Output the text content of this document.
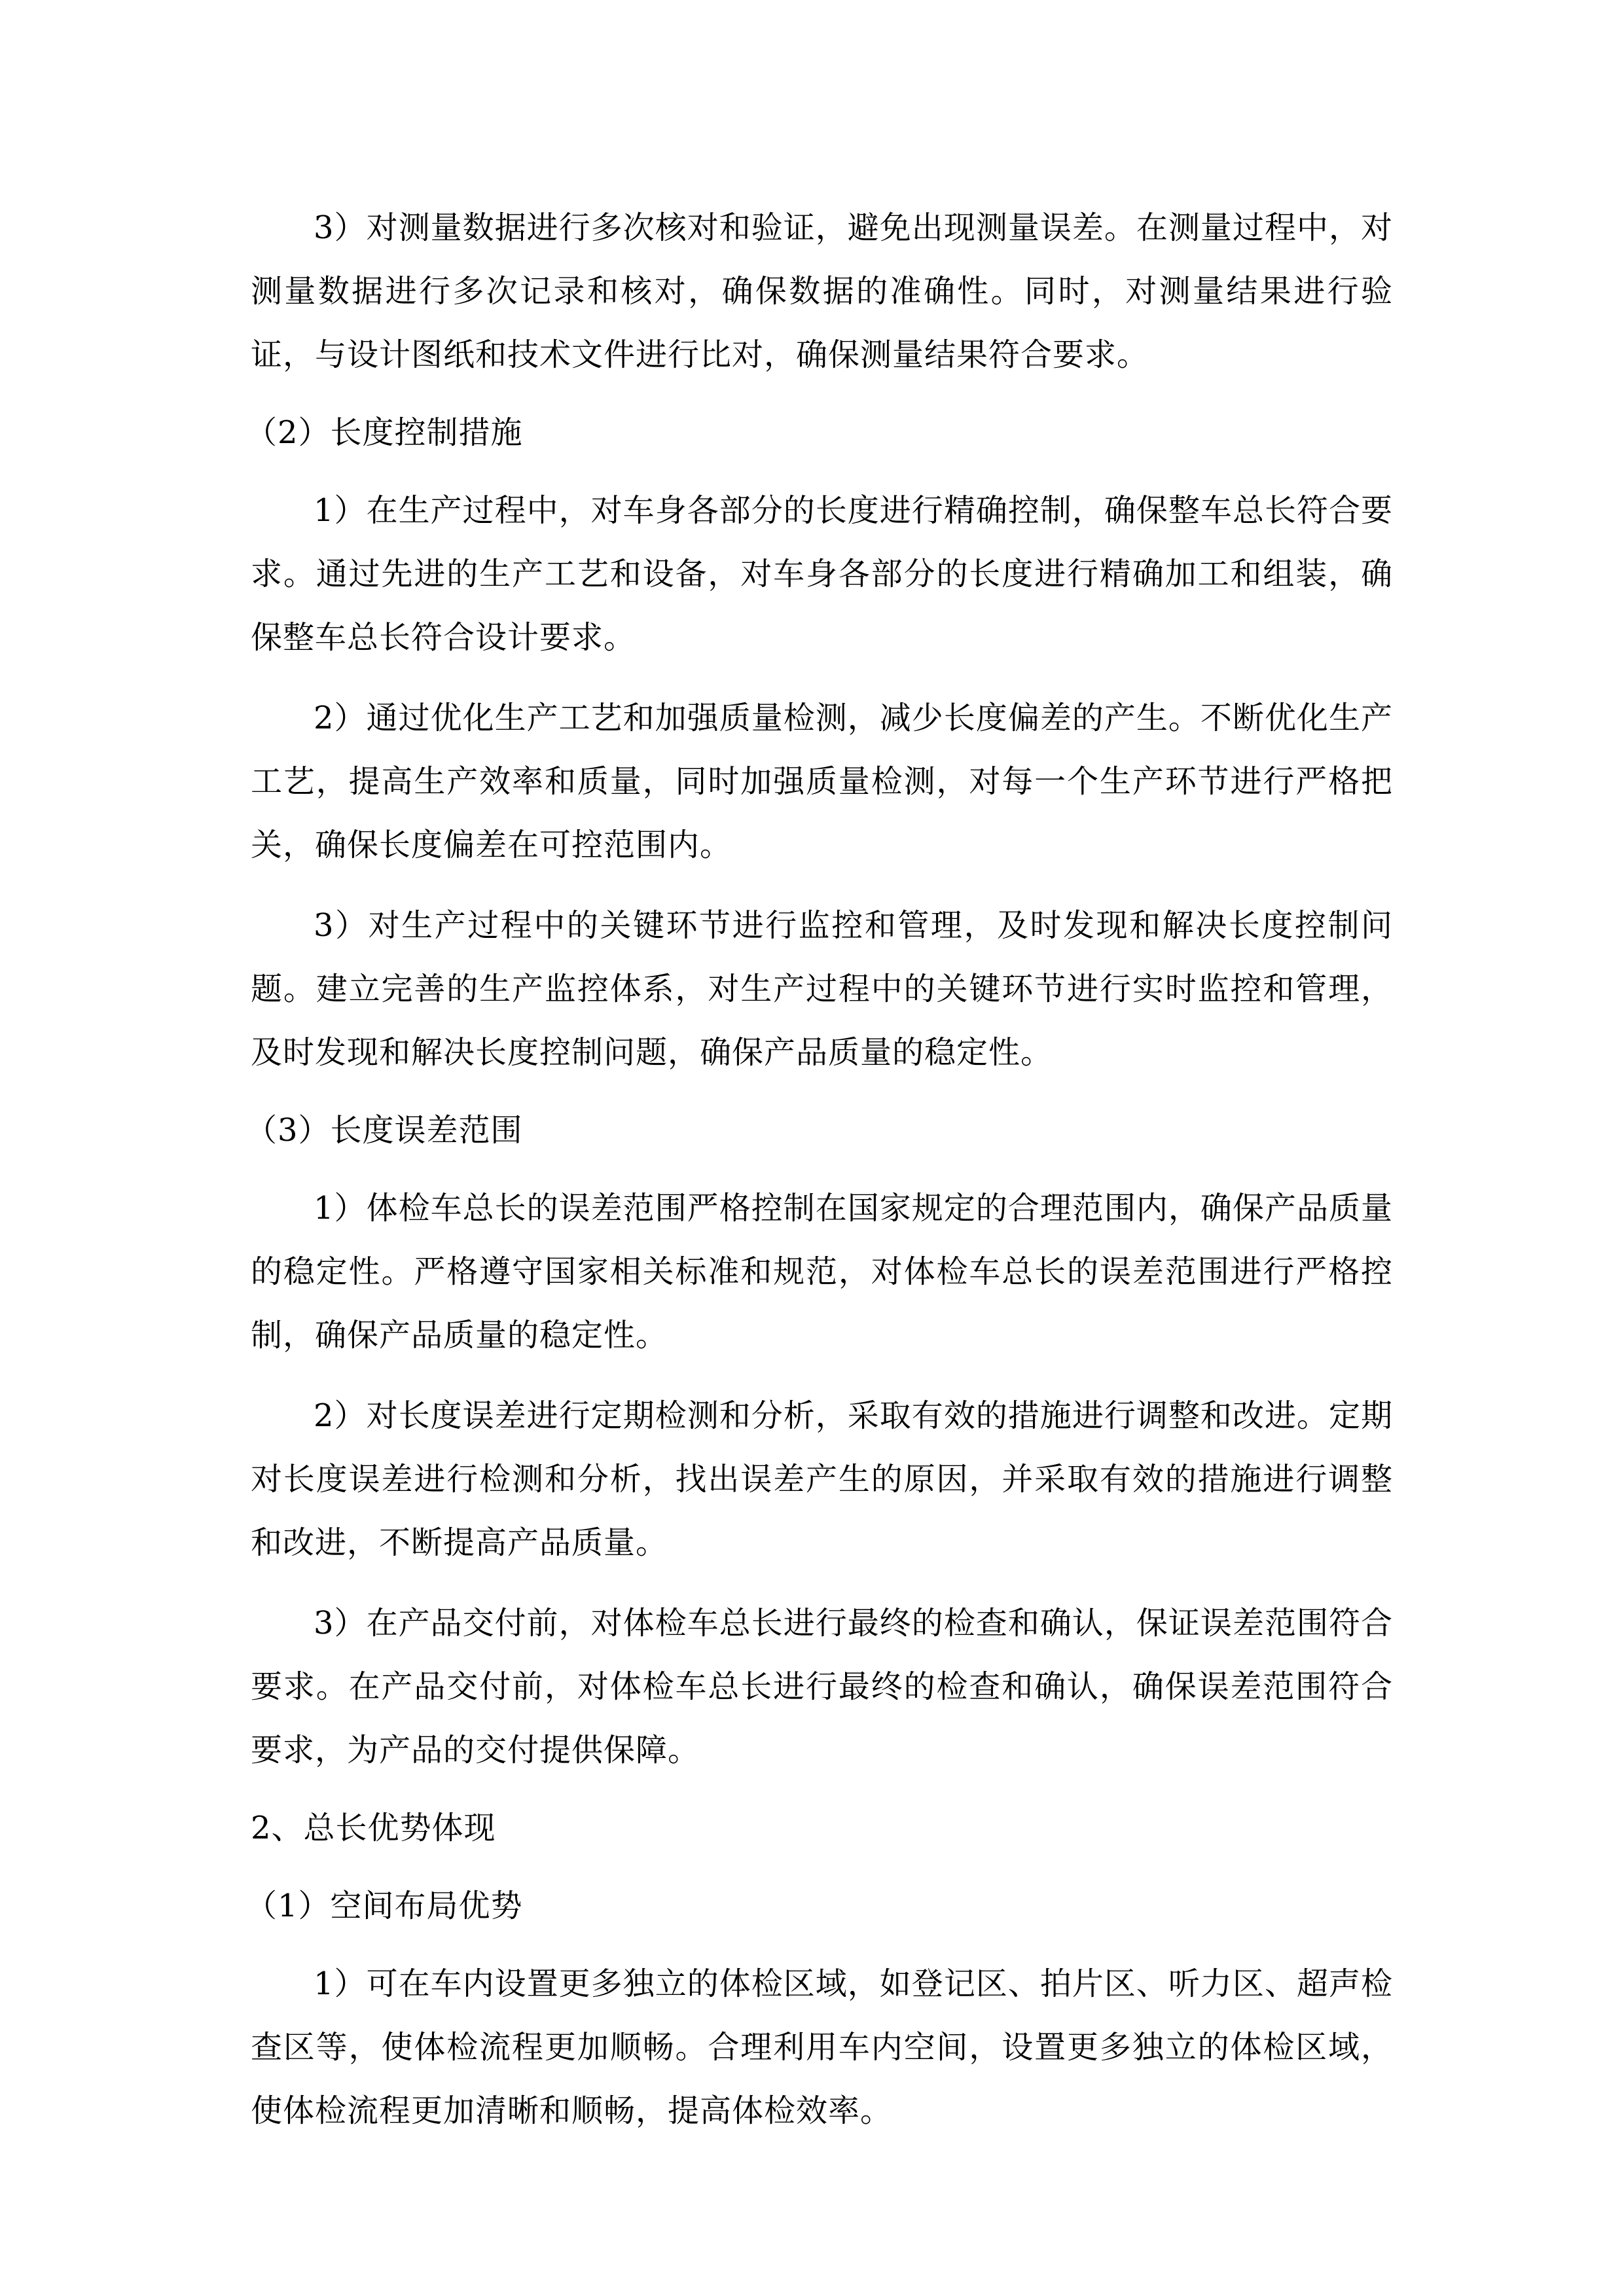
3）对测量数据进行多次核对和验证，避免出现测量误差。在测量过程中，对测量数据进行多次记录和核对，确保数据的准确性。同时，对测量结果进行验证，与设计图纸和技术文件进行比对，确保测量结果符合要求。

（2）长度控制措施

1）在生产过程中，对车身各部分的长度进行精确控制，确保整车总长符合要求。通过先进的生产工艺和设备，对车身各部分的长度进行精确加工和组装，确保整车总长符合设计要求。

2）通过优化生产工艺和加强质量检测，减少长度偏差的产生。不断优化生产工艺，提高生产效率和质量，同时加强质量检测，对每一个生产环节进行严格把关，确保长度偏差在可控范围内。

3）对生产过程中的关键环节进行监控和管理，及时发现和解决长度控制问题。建立完善的生产监控体系，对生产过程中的关键环节进行实时监控和管理，及时发现和解决长度控制问题，确保产品质量的稳定性。

（3）长度误差范围

1）体检车总长的误差范围严格控制在国家规定的合理范围内，确保产品质量的稳定性。严格遵守国家相关标准和规范，对体检车总长的误差范围进行严格控制，确保产品质量的稳定性。

2）对长度误差进行定期检测和分析，采取有效的措施进行调整和改进。定期对长度误差进行检测和分析，找出误差产生的原因，并采取有效的措施进行调整和改进，不断提高产品质量。

3）在产品交付前，对体检车总长进行最终的检查和确认，保证误差范围符合要求。在产品交付前，对体检车总长进行最终的检查和确认，确保误差范围符合要求，为产品的交付提供保障。

2、总长优势体现

（1）空间布局优势

1）可在车内设置更多独立的体检区域，如登记区、拍片区、听力区、超声检查区等，使体检流程更加顺畅。合理利用车内空间，设置更多独立的体检区域，使体检流程更加清晰和顺畅，提高体检效率。
